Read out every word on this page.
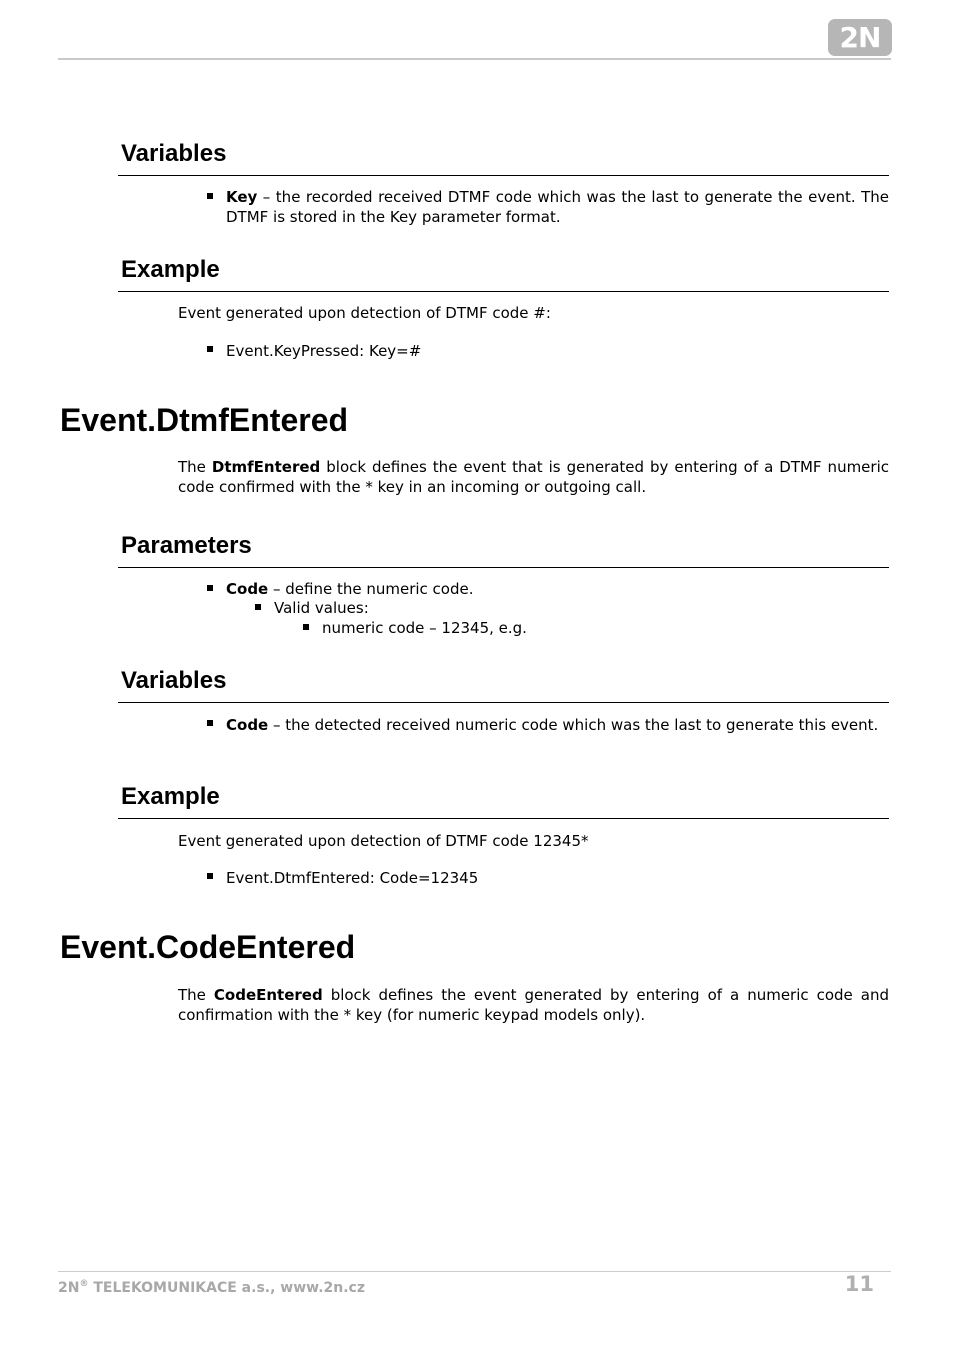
2N
Variables
Key – the recorded received DTMF code which was the last to generate the event. The DTMF is stored in the Key parameter format.
Example
Event generated upon detection of DTMF code #:
Event.KeyPressed: Key=#
Event.DtmfEntered
The DtmfEntered block defines the event that is generated by entering of a DTMF numeric code confirmed with the * key in an incoming or outgoing call.
Parameters
Code – define the numeric code.
Valid values:
numeric code – 12345, e.g.
Variables
Code – the detected received numeric code which was the last to generate this event.
Example
Event generated upon detection of DTMF code 12345*
Event.DtmfEntered: Code=12345
Event.CodeEntered
The CodeEntered block defines the event generated by entering of a numeric code and confirmation with the * key (for numeric keypad models only).
2N® TELEKOMUNIKACE a.s., www.2n.cz	11
